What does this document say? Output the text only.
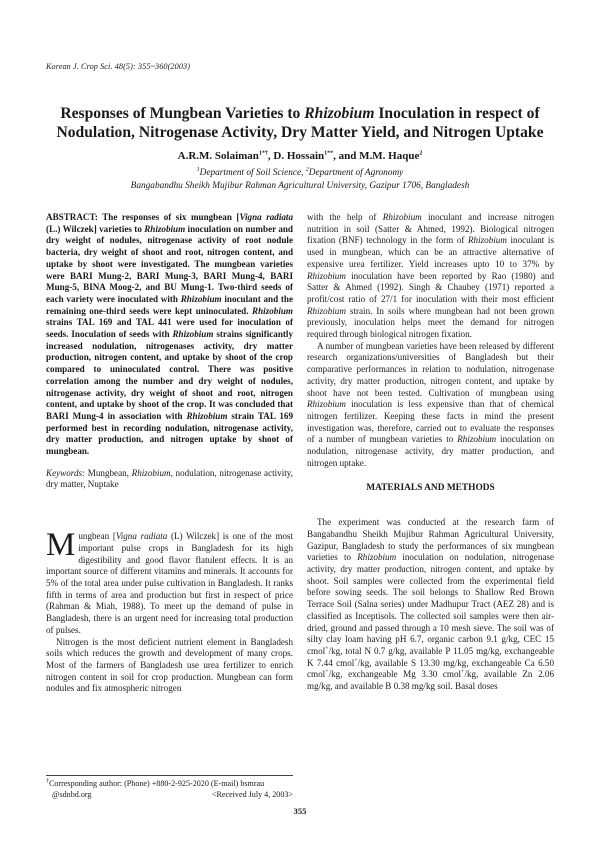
Korean J. Crop Sci. 48(5): 355~360(2003)
Responses of Mungbean Varieties to Rhizobium Inoculation in respect of
Nodulation, Nitrogenase Activity, Dry Matter Yield, and Nitrogen Uptake
A.R.M. Solaiman$^{1*\dagger}$, D. Hossain$^{1**}$, and M.M. Haque$^2$
$^1$Department of Soil Science, $^2$Department of Agronomy
Bangabandhu Sheikh Mujibur Rahman Agricultural University, Gazipur 1706, Bangladesh

ABSTRACT: The responses of six mungbean [Vigna radiata (L.) Wilczek] varieties to Rhizobium inoculation on number and dry weight of nodules, nitrogenase activity of root nodule bacteria, dry weight of shoot and root, nitrogen content, and uptake by shoot were investigated. The mungbean varieties were BARI Mung-2, BARI Mung-3, BARI Mung-4, BARI Mung-5, BINA Moog-2, and BU Mung-1. Two-third seeds of each variety were inoculated with Rhizobium inoculant and the remaining one-third seeds were kept uninoculated. Rhizobium strains TAL 169 and TAL 441 were used for inoculation of seeds. Inoculation of seeds with Rhizobium strains significantly increased nodulation, nitrogenases activity, dry matter production, nitrogen content, and uptake by shoot of the crop compared to uninoculated control. There was positive correlation among the number and dry weight of nodules, nitrogenase activity, dry weight of shoot and root, nitrogen content, and uptake by shoot of the crop. It was concluded that BARI Mung-4 in association with Rhizobium strain TAL 169 performed best in recording nodulation, nitrogenase activity, dry matter production, and nitrogen uptake by shoot of mungbean.

Keywords: Mungbean, Rhizobium, nodulation, nitrogenase activity, dry matter, Nuptake

Mungbean [Vigna radiata (L) Wilczek] is one of the most important pulse crops in Bangladesh for its high digestibility and good flavor flatulent effects. It is an important source of different vitamins and minerals. It accounts for 5% of the total area under pulse cultivation in Bangladesh. It ranks fifth in terms of area and production but first in respect of price (Rahman & Miah, 1988). To meet up the demand of pulse in Bangladesh, there is an urgent need for increasing total production of pulses.

Nitrogen is the most deficient nutrient element in Bangladesh soils which reduces the growth and development of many crops. Most of the farmers of Bangladesh use urea fertilizer to enrich nitrogen content in soil for crop production. Mungbean can form nodules and fix atmospheric nitrogen

†Corresponding author: (Phone) +880-2-925-2020 (E-mail) bsmrau
@sdnbd.org	<Received July 4, 2003>

with the help of Rhizobium inoculant and increase nitrogen nutrition in soil (Satter & Ahmed, 1992). Biological nitrogen fixation (BNF) technology in the form of Rhizobium inoculant is used in mungbean, which can be an attractive alternative of expensive urea fertilizer. Yield increases upto 10 to 37% by Rhizobium inoculation have been reported by Rao (1980) and Satter & Ahmed (1992). Singh & Chaubey (1971) reported a profit/cost ratio of 27/1 for inoculation with their most efficient Rhizobium strain. In soils where mungbean had not been grown previously, inoculation helps meet the demand for nitrogen required through biological nitrogen fixation.

A number of mungbean varieties have been released by different research organizations/universities of Bangladesh but their comparative performances in relation to nodulation, nitrogenase activity, dry matter production, nitrogen content, and uptake by shoot have not been tested. Cultivation of mungbean using Rhizobium inoculation is less expensive than that of chemical nitrogen fertilizer. Keeping these facts in mind the present investigation was, therefore, carried out to evaluate the responses of a number of mungbean varieties to Rhizobium inoculation on nodulation, nitrogenase activity, dry matter production, and nitrogen uptake.

MATERIALS AND METHODS

The experiment was conducted at the research farm of Bangabandhu Sheikh Mujibur Rahman Agricultural University, Gazipur, Bangladesh to study the performances of six mungbean varieties to Rhizobium inoculation on nodulation, nitrogenase activity, dry matter production, nitrogen content, and uptake by shoot. Soil samples were collected from the experimental field before sowing seeds. The soil belongs to Shallow Red Brown Terrace Soil (Salna series) under Madhupur Tract (AEZ 28) and is classified as Inceptisols. The collected soil samples were then air-dried, ground and passed through a 10 mesh sieve. The soil was of silty clay loam having pH 6.7, organic carbon 9.1 g/kg, CEC 15 cmol+/kg, total N 0.7 g/kg, available P 11.05 mg/kg, exchangeable K 7.44 cmol+/kg, available S 13.30 mg/kg, exchangeable Ca 6.50 cmol+/kg, exchangeable Mg 3.30 cmol+/kg, available Zn 2.06 mg/kg, and available B 0.38 mg/kg soil. Basal doses

355
